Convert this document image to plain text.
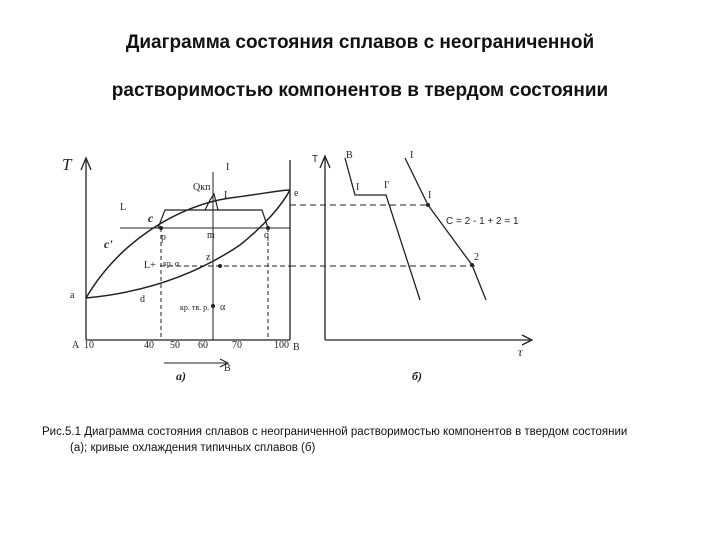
Диаграмма состояния сплавов с неограниченной
растворимостью компонентов в твердом состоянии
T	I
Qкп
I	е
L
c
p	m	q
c'
L+ кр. α
z
a	d
кр. тв. р. α
A 10	40 50 60 70	100 B
B
а)
T	B	I
I I'
I
C = 2 - 1 + 2 = 1
2
τ
б)
Рис.5.1 Диаграмма состояния сплавов с неограниченной растворимостью компонентов в твердом состоянии
(а); кривые охлаждения типичных сплавов (б)
